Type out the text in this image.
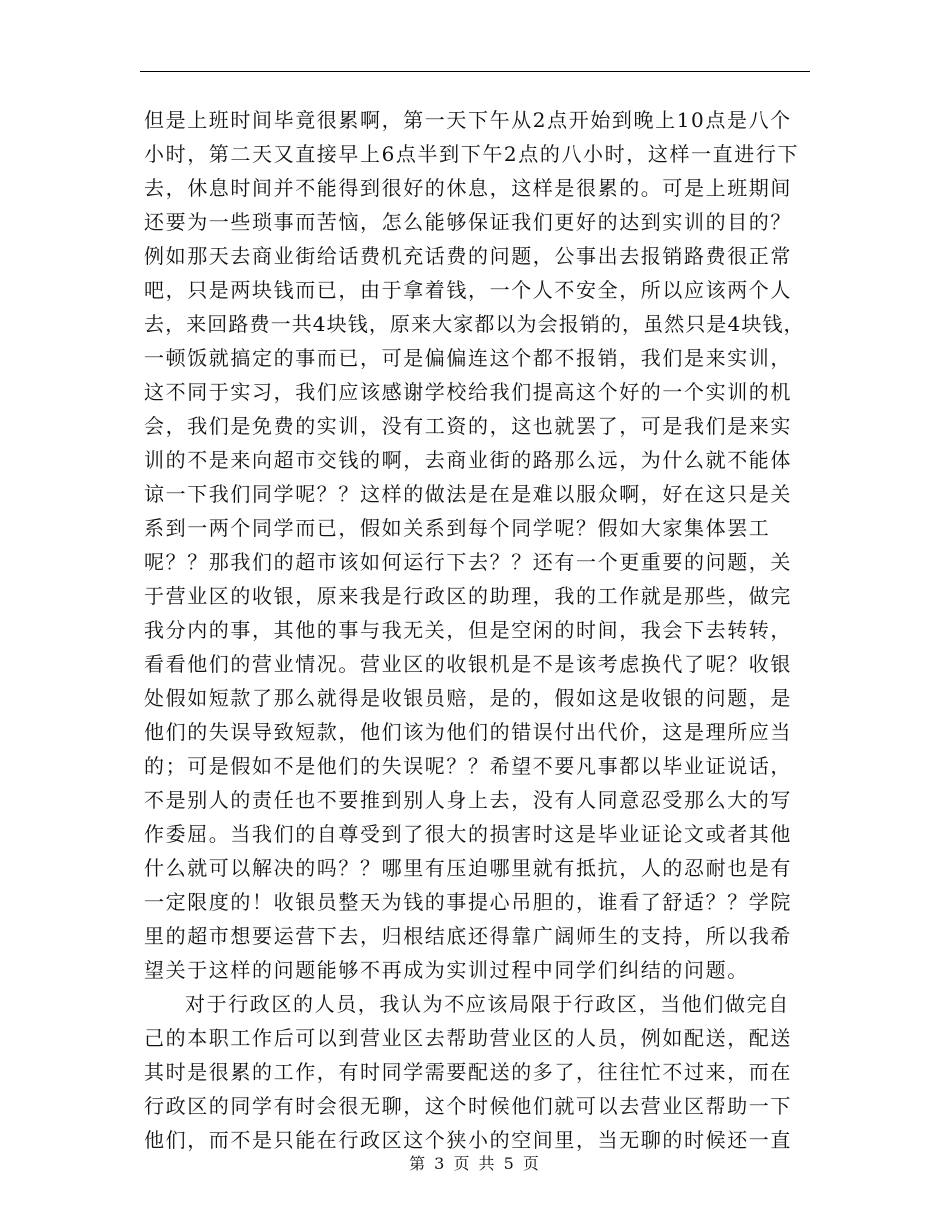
但是上班时间毕竟很累啊，第一天下午从2点开始到晚上10点是八个
小时，第二天又直接早上6点半到下午2点的八小时，这样一直进行下
去，休息时间并不能得到很好的休息，这样是很累的。可是上班期间
还要为一些琐事而苦恼，怎么能够保证我们更好的达到实训的目的？
例如那天去商业街给话费机充话费的问题，公事出去报销路费很正常
吧，只是两块钱而已，由于拿着钱，一个人不安全，所以应该两个人
去，来回路费一共4块钱，原来大家都以为会报销的，虽然只是4块钱，
一顿饭就搞定的事而已，可是偏偏连这个都不报销，我们是来实训，
这不同于实习，我们应该感谢学校给我们提高这个好的一个实训的机
会，我们是免费的实训，没有工资的，这也就罢了，可是我们是来实
训的不是来向超市交钱的啊，去商业街的路那么远，为什么就不能体
谅一下我们同学呢？？这样的做法是在是难以服众啊，好在这只是关
系到一两个同学而已，假如关系到每个同学呢？假如大家集体罢工
呢？？那我们的超市该如何运行下去？？还有一个更重要的问题，关
于营业区的收银，原来我是行政区的助理，我的工作就是那些，做完
我分内的事，其他的事与我无关，但是空闲的时间，我会下去转转，
看看他们的营业情况。营业区的收银机是不是该考虑换代了呢？收银
处假如短款了那么就得是收银员赔，是的，假如这是收银的问题，是
他们的失误导致短款，他们该为他们的错误付出代价，这是理所应当
的；可是假如不是他们的失误呢？？希望不要凡事都以毕业证说话，
不是别人的责任也不要推到别人身上去，没有人同意忍受那么大的写
作委屈。当我们的自尊受到了很大的损害时这是毕业证论文或者其他
什么就可以解决的吗？？哪里有压迫哪里就有抵抗，人的忍耐也是有
一定限度的！收银员整天为钱的事提心吊胆的，谁看了舒适？？学院
里的超市想要运营下去，归根结底还得靠广阔师生的支持，所以我希
望关于这样的问题能够不再成为实训过程中同学们纠结的问题。
对于行政区的人员，我认为不应该局限于行政区，当他们做完自
己的本职工作后可以到营业区去帮助营业区的人员，例如配送，配送
其时是很累的工作，有时同学需要配送的多了，往往忙不过来，而在
行政区的同学有时会很无聊，这个时候他们就可以去营业区帮助一下
他们，而不是只能在行政区这个狭小的空间里，当无聊的时候还一直
第 3 页 共 5 页
